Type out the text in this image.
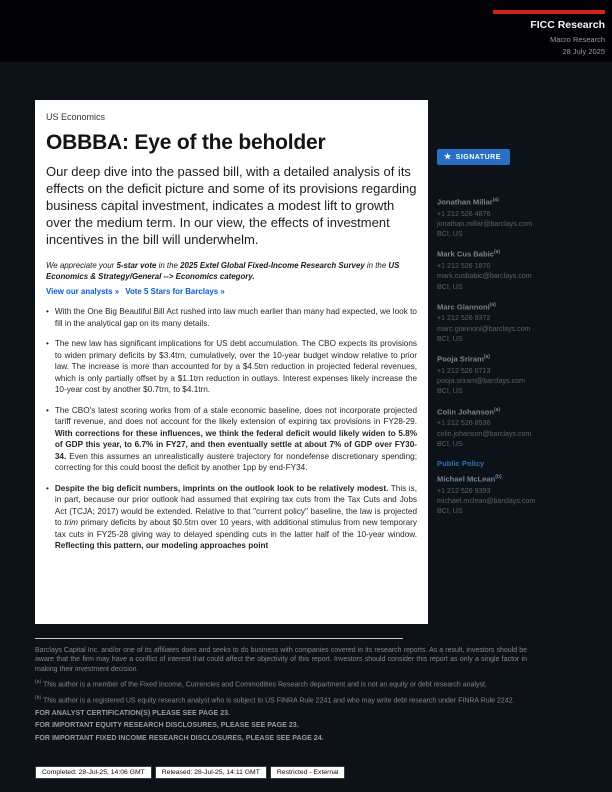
FICC Research
Macro Research
28 July 2025
US Economics
OBBBA: Eye of the beholder

Our deep dive into the passed bill, with a detailed analysis of its effects on the deficit picture and some of its provisions regarding business capital investment, indicates a modest lift to growth over the medium term. In our view, the effects of investment incentives in the bill will underwhelm.

We appreciate your 5-star vote in the 2025 Extel Global Fixed-Income Research Survey in the US Economics & Strategy/General --> Economics category.

View our analysts » Vote 5 Stars for Barclays »

• With the One Big Beautiful Bill Act rushed into law much earlier than many had expected, we look to fill in the analytical gap on its many details.
• The new law has significant implications for US debt accumulation. The CBO expects its provisions to widen primary deficits by $3.4trn, cumulatively, over the 10-year budget window relative to prior law. The increase is more than accounted for by a $4.5trn reduction in projected federal revenues, which is only partially offset by a $1.1trn reduction in outlays. Interest expenses likely increase the 10-year cost by another $0.7trn, to $4.1trn.
• The CBO's latest scoring works from of a stale economic baseline, does not incorporate projected tariff revenue, and does not account for the likely extension of expiring tax provisions in FY28-29. With corrections for these influences, we think the federal deficit would likely widen to 5.8% of GDP this year, to 6.7% in FY27, and then eventually settle at about 7% of GDP over FY30-34. Even this assumes an unrealistically austere trajectory for nondefense discretionary spending; correcting for this could boost the deficit by another 1pp by end-FY34.
• Despite the big deficit numbers, imprints on the outlook look to be relatively modest. This is, in part, because our prior outlook had assumed that expiring tax cuts from the Tax Cuts and Jobs Act (TCJA; 2017) would be extended. Relative to that "current policy" baseline, the law is projected to trim primary deficits by about $0.5trn over 10 years, with additional stimulus from new temporary tax cuts in FY25-28 giving way to delayed spending cuts in the latter half of the 10-year window. Reflecting this pattern, our modeling approaches point
★ SIGNATURE
Jonathan Millar$^{(a)}$
+1 212 526 4876
jonathan.millar@barclays.com
BCI, US
Mark Cus Babic$^{(a)}$
+1 212 526 1870
mark.cusbabic@barclays.com
BCI, US
Marc Giannoni$^{(a)}$
+1 212 526 9372
marc.giannoni@barclays.com
BCI, US
Pooja Sriram$^{(a)}$
+1 212 526 0713
pooja.sriram@barclays.com
BCI, US
Colin Johanson$^{(a)}$
+1 212 526 8536
colin.johanson@barclays.com
BCI, US
Public Policy
Michael McLean$^{(b)}$
+1 212 526 9393
michael.mclean@barclays.com
BCI, US

Barclays Capital Inc. and/or one of its affiliates does and seeks to do business with companies covered in its research reports. As a result, investors should be aware that the firm may have a conflict of interest that could affect the objectivity of this report. Investors should consider this report as only a single factor in making their investment decision.

$^{(a)}$ This author is a member of the Fixed Income, Currencies and Commodities Research department and is not an equity or debt research analyst.

$^{(b)}$ This author is a registered US equity research analyst who is subject to US FINRA Rule 2241 and who may write debt research under FINRA Rule 2242.

FOR ANALYST CERTIFICATION(S) PLEASE SEE PAGE 23.

FOR IMPORTANT EQUITY RESEARCH DISCLOSURES, PLEASE SEE PAGE 23.

FOR IMPORTANT FIXED INCOME RESEARCH DISCLOSURES, PLEASE SEE PAGE 24.

Completed: 28-Jul-25, 14:06 GMT	Released: 28-Jul-25, 14:11 GMT	Restricted - External
